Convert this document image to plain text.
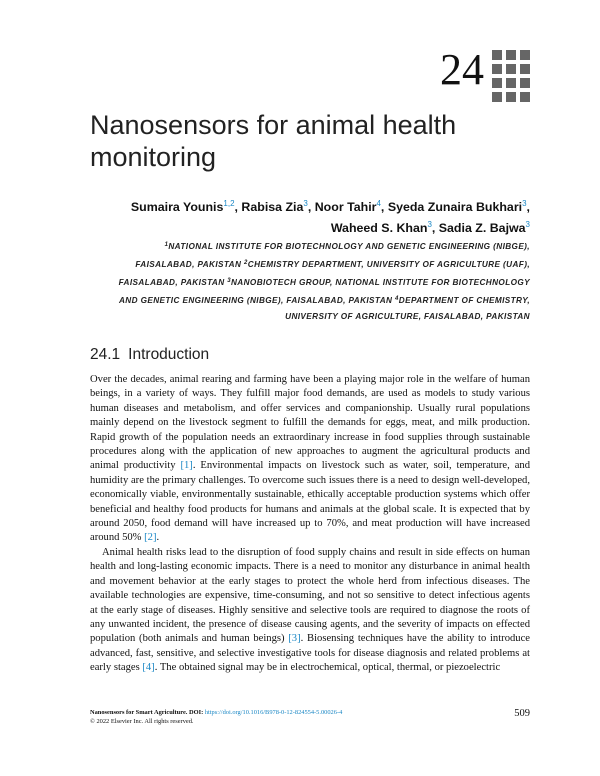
24
Nanosensors for animal health monitoring
Sumaira Younis$^{1,2}$, Rabisa Zia$^3$, Noor Tahir$^4$, Syeda Zunaira Bukhari$^3$,
Waheed S. Khan$^3$, Sadia Z. Bajwa$^3$
$^1$NATIONAL INSTITUTE FOR BIOTECHNOLOGY AND GENETIC ENGINEERING (NIBGE), FAISALABAD, PAKISTAN $^2$CHEMISTRY DEPARTMENT, UNIVERSITY OF AGRICULTURE (UAF), FAISALABAD, PAKISTAN $^3$NANOBIOTECH GROUP, NATIONAL INSTITUTE FOR BIOTECHNOLOGY AND GENETIC ENGINEERING (NIBGE), FAISALABAD, PAKISTAN $^4$DEPARTMENT OF CHEMISTRY, UNIVERSITY OF AGRICULTURE, FAISALABAD, PAKISTAN
24.1 Introduction

Over the decades, animal rearing and farming have been a playing major role in the welfare of human beings, in a variety of ways. They fulfill major food demands, are used as models to study various human diseases and metabolism, and offer services and companionship. Usually rural populations mainly depend on the livestock segment to fulfill the demands for eggs, meat, and milk production. Rapid growth of the population needs an extraordinary increase in food supplies through sustainable procedures along with the application of new approaches to augment the agricultural products and animal productivity [1]. Environmental impacts on livestock such as water, soil, temperature, and humidity are the primary challenges. To overcome such issues there is a need to design well-developed, economically viable, environmentally sustainable, ethically acceptable production systems which offer beneficial and healthy food products for humans and animals at the global scale. It is expected that by around 2050, food demand will have increased up to 70%, and meat production will have increased around 50% [2].

Animal health risks lead to the disruption of food supply chains and result in side effects on human health and long-lasting economic impacts. There is a need to monitor any disturbance in animal health and movement behavior at the early stages to protect the whole herd from infectious diseases. The available technologies are expensive, time-consuming, and not so sensitive to detect infectious agents at the early stage of diseases. Highly sensitive and selective tools are required to diagnose the roots of any unwanted incident, the presence of disease causing agents, and the severity of impacts on effected population (both animals and human beings) [3]. Biosensing techniques have the ability to introduce advanced, fast, sensitive, and selective investigative tools for disease diagnosis and related problems at early stages [4]. The obtained signal may be in electrochemical, optical, thermal, or piezoelectric

Nanosensors for Smart Agriculture. DOI: https://doi.org/10.1016/B978-0-12-824554-5.00026-4
© 2022 Elsevier Inc. All rights reserved.
509
